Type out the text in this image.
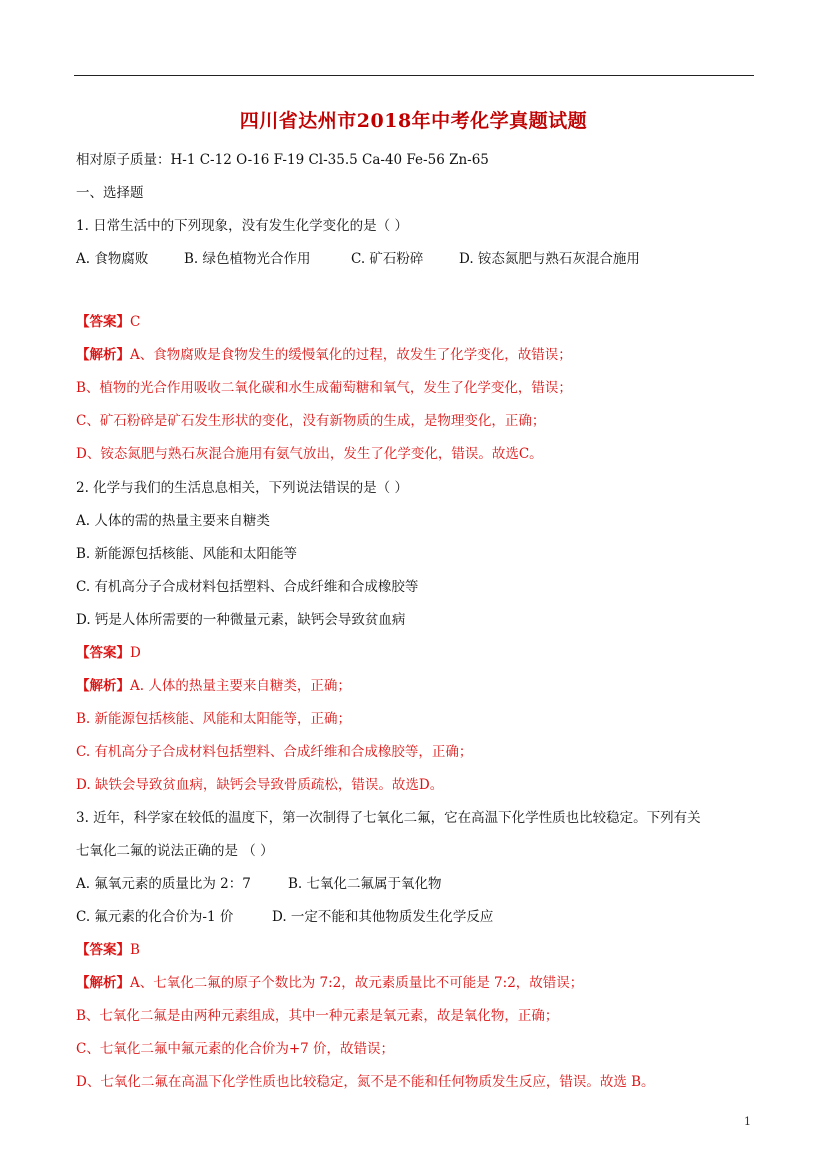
四川省达州市2018年中考化学真题试题
相对原子质量：H-1 C-12 O-16 F-19 Cl-35.5 Ca-40 Fe-56 Zn-65
一、选择题
1. 日常生活中的下列现象，没有发生化学变化的是（ ）
A. 食物腐败	B. 绿色植物光合作用	C. 矿石粉碎	D. 铵态氮肥与熟石灰混合施用
【答案】C
【解析】A、食物腐败是食物发生的缓慢氧化的过程，故发生了化学变化，故错误；
B、植物的光合作用吸收二氧化碳和水生成葡萄糖和氧气，发生了化学变化，错误；
C、矿石粉碎是矿石发生形状的变化，没有新物质的生成，是物理变化，正确；
D、铵态氮肥与熟石灰混合施用有氨气放出，发生了化学变化，错误。故选C。
2. 化学与我们的生活息息相关，下列说法错误的是（ ）
A. 人体的需的热量主要来自糖类
B. 新能源包括核能、风能和太阳能等
C. 有机高分子合成材料包括塑料、合成纤维和合成橡胶等
D. 钙是人体所需要的一种微量元素，缺钙会导致贫血病
【答案】D
【解析】A. 人体的热量主要来自糖类，正确；
B. 新能源包括核能、风能和太阳能等，正确；
C. 有机高分子合成材料包括塑料、合成纤维和合成橡胶等，正确；
D. 缺铁会导致贫血病，缺钙会导致骨质疏松，错误。故选D。
3. 近年，科学家在较低的温度下，第一次制得了七氧化二氟，它在高温下化学性质也比较稳定。下列有关
七氧化二氟的说法正确的是 （ ）
A. 氟氧元素的质量比为 2：7	B. 七氧化二氟属于氧化物
C. 氟元素的化合价为-1 价	D. 一定不能和其他物质发生化学反应
【答案】B
【解析】A、七氧化二氟的原子个数比为 7:2，故元素质量比不可能是 7:2，故错误；
B、七氧化二氟是由两种元素组成，其中一种元素是氧元素，故是氧化物，正确；
C、七氧化二氟中氟元素的化合价为+7 价，故错误；
D、七氧化二氟在高温下化学性质也比较稳定，氮不是不能和任何物质发生反应，错误。故选 B。
1
